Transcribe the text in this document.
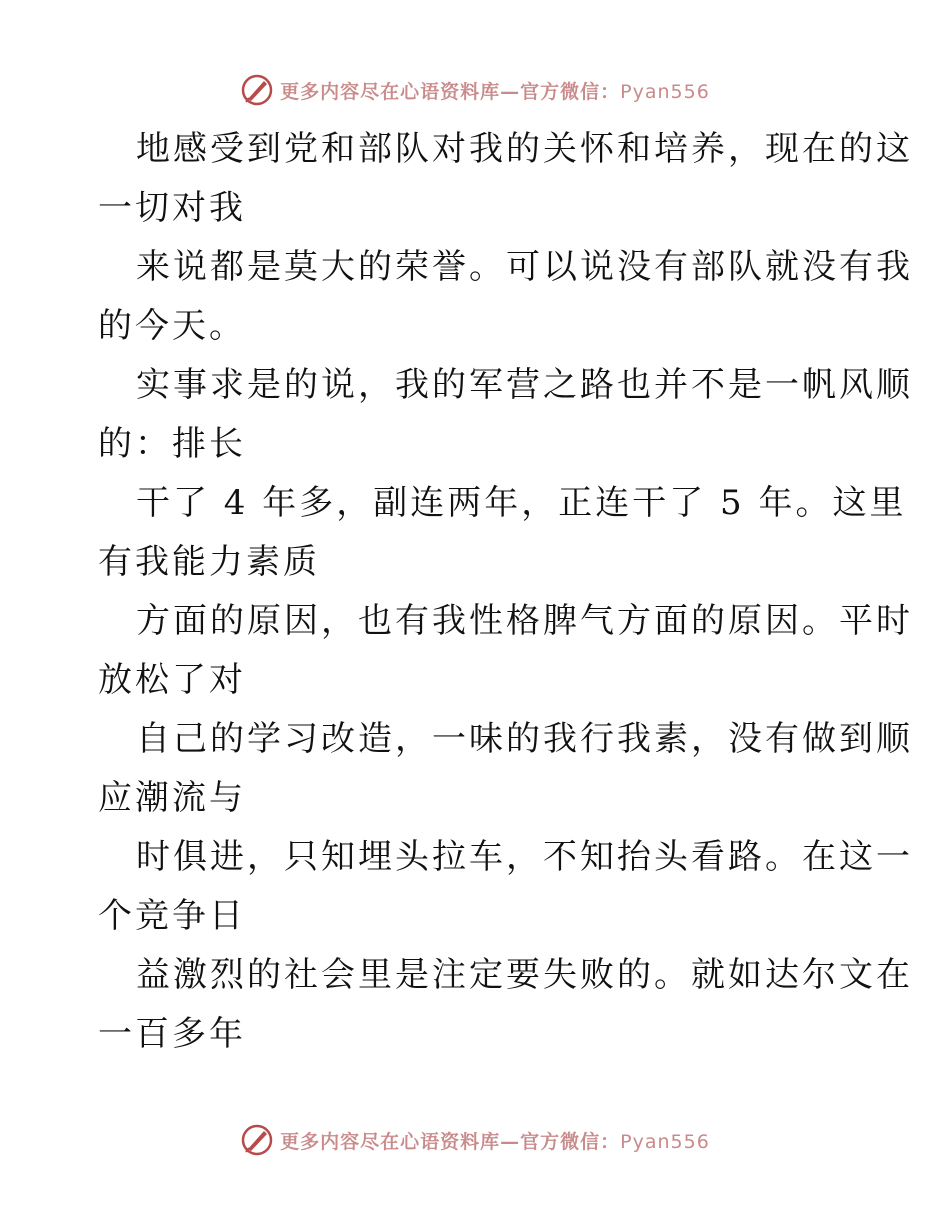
更多内容尽在心语资料库—官方微信：Pyan556

地感受到党和部队对我的关怀和培养，现在的这
一切对我

来说都是莫大的荣誉。可以说没有部队就没有我
的今天。

实事求是的说，我的军营之路也并不是一帆风顺
的：排长

干了 4 年多，副连两年，正连干了 5 年。这里
有我能力素质

方面的原因，也有我性格脾气方面的原因。平时
放松了对

自己的学习改造，一味的我行我素，没有做到顺
应潮流与

时俱进，只知埋头拉车，不知抬头看路。在这一
个竞争日

益激烈的社会里是注定要失败的。就如达尔文在
一百多年

更多内容尽在心语资料库—官方微信：Pyan556
